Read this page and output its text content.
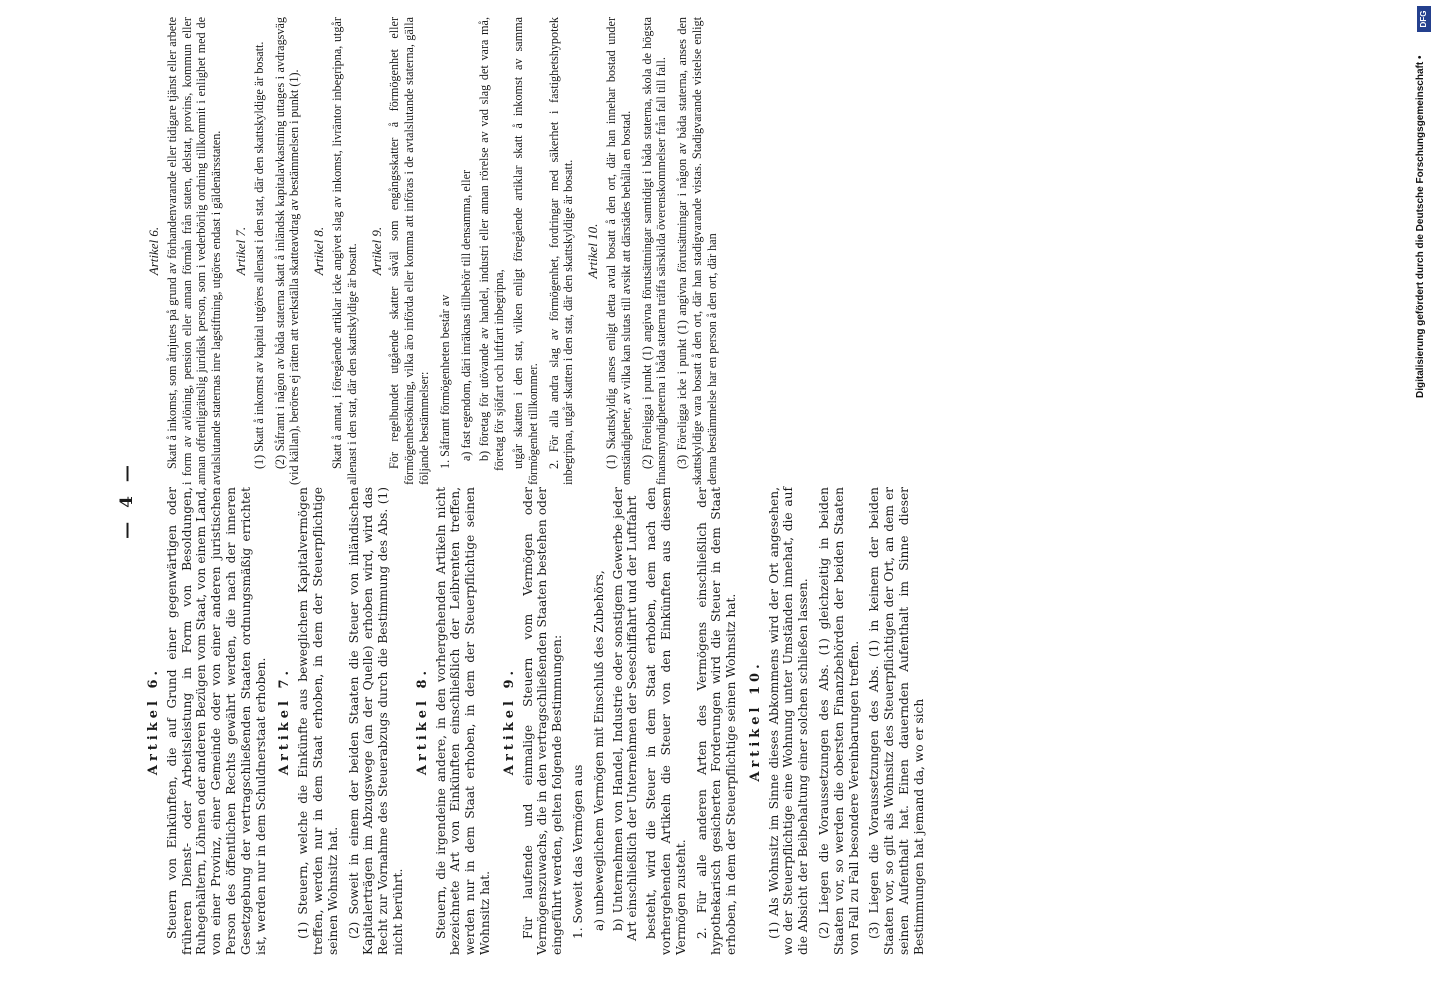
— 4 —
Artikel 6. Steuern von Einkünften, die auf Grund einer gegenwärtigen oder früheren Dienst- oder Arbeitsleistung in Form von Besoldungen, Ruhegehältern, Löhnen oder anderen Bezügen vom Staat, von einem Land, von einer Provinz, einer Gemeinde oder von einer anderen juristischen Person des öffentlichen Rechts gewährt werden, die nach der inneren Gesetzgebung der vertragschließenden Staaten ordnungsmäßig errichtet ist, werden nur in dem Schuldnerstaat erhoben. Artikel 7. (1) Steuern, welche die Einkünfte aus beweglichem Kapitalvermögen treffen, werden nur in dem Staat erhoben, in dem der Steuerpflichtige seinen Wohnsitz hat. (2) Soweit in einem der beiden Staaten die Steuer von inländischen Kapitalerträgen im Abzugswege (an der Quelle) erhoben wird, wird das Recht zur Vornahme des Steuerabzugs durch die Bestimmung des Abs. (1) nicht berührt.

Artikel 8. Steuern, die irgendeine andere, in den vorhergehenden Artikeln nicht bezeichnete Art von Einkünften einschließlich der Leibrenten treffen, werden nur in dem Staat erhoben, in dem der Steuerpflichtige seinen Wohnsitz hat.

Artikel 9. Für laufende und einmalige Steuern vom Vermögen oder Vermögenszuwachs, die in den vertragschließenden Staaten bestehen oder eingeführt werden, gelten folgende Bestimmungen: 1. Soweit das Vermögen aus a) unbeweglichem Vermögen mit Einschluß des Zubehörs, b) Unternehmen von Handel, Industrie oder sonstigem Gewerbe jeder Art einschließlich der Unternehmen der Seeschiffahrt und der Luftfahrt besteht, wird die Steuer in dem Staat erhoben, dem nach den vorhergehenden Artikeln die Steuer von den Einkünften aus diesem Vermögen zusteht. 2. Für alle anderen Arten des Vermögens einschließlich der hypothekarisch gesicherten Forderungen wird die Steuer in dem Staat erhoben, in dem der Steuerpflichtige seinen Wohnsitz hat. Artikel 10. (1) Als Wohnsitz im Sinne dieses Abkommens wird der Ort angesehen, wo der Steuerpflichtige eine Wohnung unter Umständen innehat, die auf die Absicht der Beibehaltung einer solchen schließen lassen. (2) Liegen die Voraussetzungen des Abs. (1) gleichzeitig in beiden Staaten vor, so werden die obersten Finanzbehörden der beiden Staaten von Fall zu Fall besondere Vereinbarungen treffen. (3) Liegen die Voraussetzungen des Abs. (1) in keinem der beiden Staaten vor, so gilt als Wohnsitz des Steuerpflichtigen der Ort, an dem er seinen Aufenthalt hat. Einen dauernden Aufenthalt im Sinne dieser Bestimmungen hat jemand da, wo er sich

Artikel 6. Skatt å inkomst, som åtnjutes på grund av förhandenvarande eller tidigare tjänst eller arbete i form av avlöning, pension eller annan förmån från staten, delstat, provins, kommun eller annan offentligrättslig juridisk person, som i vederbörlig ordning tillkommit i enlighet med de avtalslutande staternas inre lagstiftning, utgöres endast i gäldenärsstaten. Artikel 7. (1) Skatt å inkomst av kapital utgöres allenast i den stat, där den skattskyldige är bosatt. (2) Såframt i någon av båda staterna skatt å inländsk kapitalavkastning uttages i avdragsväg (vid källan), beröres ej rätten att verkställa skatteavdrag av bestämmelsen i punkt (1). Artikel 8. Skatt å annat, i föregående artiklar icke angivet slag av inkomst, livräntor inbegripna, utgår allenast i den stat, där den skattskyldige är bosatt. Artikel 9. För regelbundet utgående skatter såväl som engångsskatter å förmögenhet eller förmögenhetsökning, vilka äro införda eller komma att införas i de avtalslutande staterna, gälla följande bestämmelser: 1. Såframt förmögenheten består av a) fast egendom, däri inräknas tillbehör till densamma, eller b) företag för utövande av handel, industri eller annan rörelse av vad slag det vara må, företag för sjöfart och luftfart inbegripna, utgår skatten i den stat, vilken enligt föregående artiklar skatt å inkomst av samma förmögenhet tillkommer. 2. För alla andra slag av förmögenhet, fordringar med säkerhet i fastighetshypotek inbegripna, utgår skatten i den stat, där den skattskyldige är bosatt. Artikel 10. (1) Skattskyldig anses enligt detta avtal bosatt å den ort, där han innehar bostad under omständigheter, av vilka kan slutas till avsikt att därstädes behålla en bostad. (2) Föreligga i punkt (1) angivna förutsättningar samtidigt i båda staterna, skola de högsta finansmyndigheterna i båda staterna träffa särskilda överenskommelser från fall till fall. (3) Föreligga icke i punkt (1) angivna förutsättningar i någon av båda staterna, anses den skattskyldige vara bosatt å den ort, där han stadigvarande vistas. Stadigvarande vistelse enligt denna bestämmelse har en person å den ort, där han	Digitalisierung gefördert durch die Deutsche Forschungsgemeinschaft •
DFG
